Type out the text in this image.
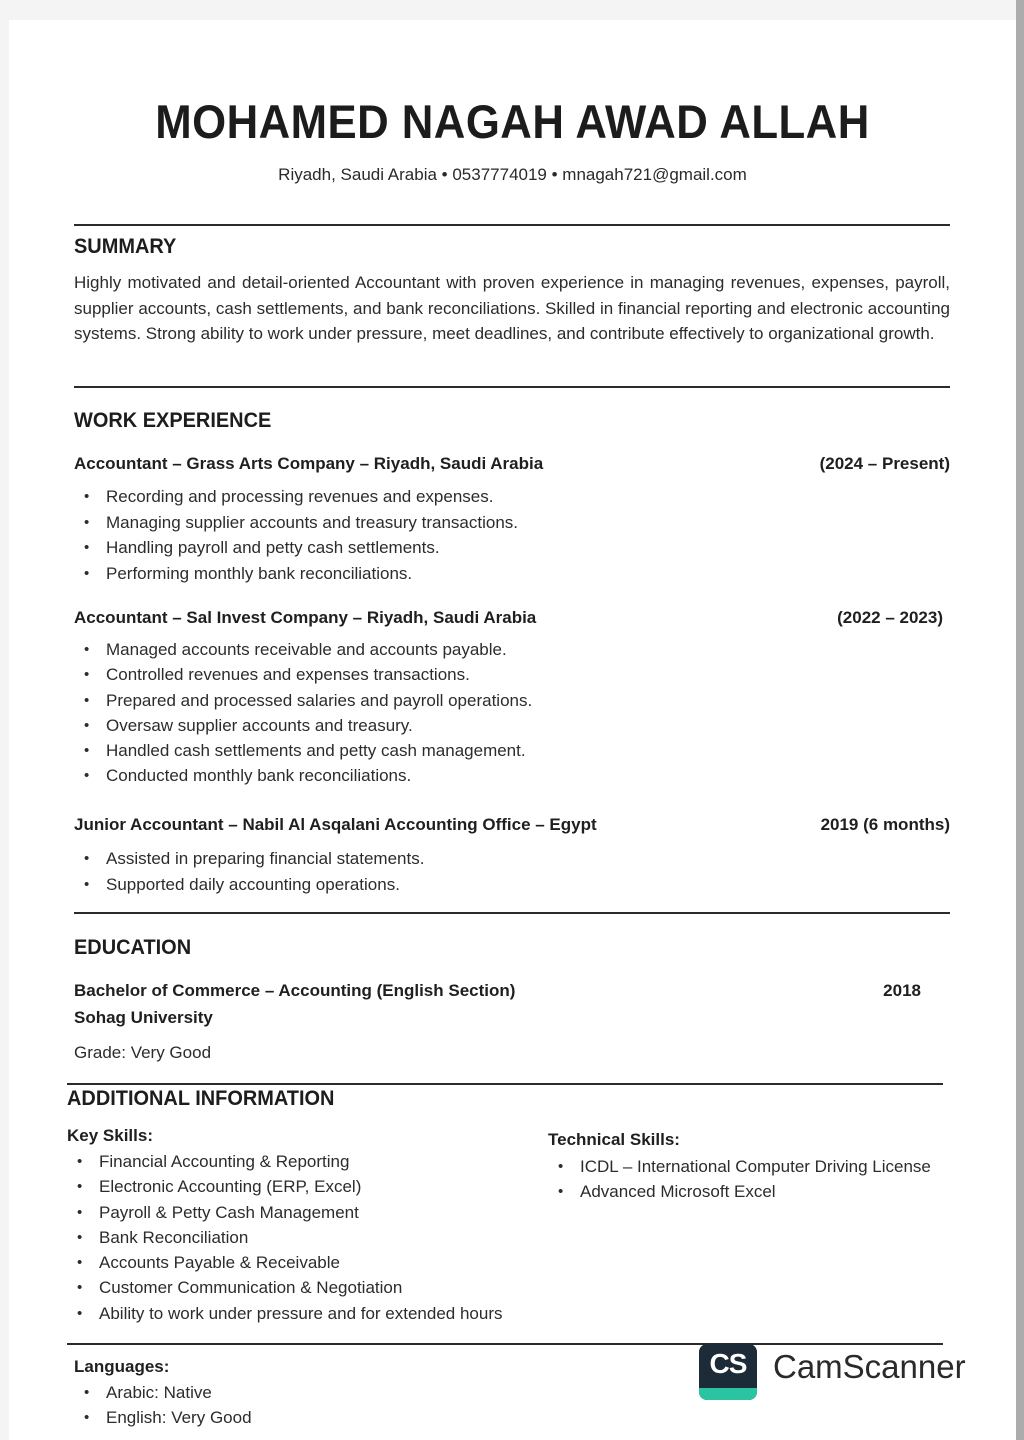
MOHAMED NAGAH AWAD ALLAH
Riyadh, Saudi Arabia • 0537774019 • mnagah721@gmail.com
SUMMARY
Highly motivated and detail-oriented Accountant with proven experience in managing revenues, expenses, payroll, supplier accounts, cash settlements, and bank reconciliations. Skilled in financial reporting and electronic accounting systems. Strong ability to work under pressure, meet deadlines, and contribute effectively to organizational growth.
WORK EXPERIENCE
Accountant – Grass Arts Company – Riyadh, Saudi Arabia	(2024 – Present)
• Recording and processing revenues and expenses.
• Managing supplier accounts and treasury transactions.
• Handling payroll and petty cash settlements.
• Performing monthly bank reconciliations.
Accountant – Sal Invest Company – Riyadh, Saudi Arabia	(2022 – 2023)
• Managed accounts receivable and accounts payable.
• Controlled revenues and expenses transactions.
• Prepared and processed salaries and payroll operations.
• Oversaw supplier accounts and treasury.
• Handled cash settlements and petty cash management.
• Conducted monthly bank reconciliations.
Junior Accountant – Nabil Al Asqalani Accounting Office – Egypt	2019 (6 months)
• Assisted in preparing financial statements.
• Supported daily accounting operations.
EDUCATION
Bachelor of Commerce – Accounting (English Section)	2018
Sohag University
Grade: Very Good
ADDITIONAL INFORMATION
Key Skills:
• Financial Accounting & Reporting
• Electronic Accounting (ERP, Excel)
• Payroll & Petty Cash Management
• Bank Reconciliation
• Accounts Payable & Receivable
• Customer Communication & Negotiation
• Ability to work under pressure and for extended hours
Technical Skills:
• ICDL – International Computer Driving License
• Advanced Microsoft Excel
Languages:
• Arabic: Native
• English: Very Good
CS CamScanner
